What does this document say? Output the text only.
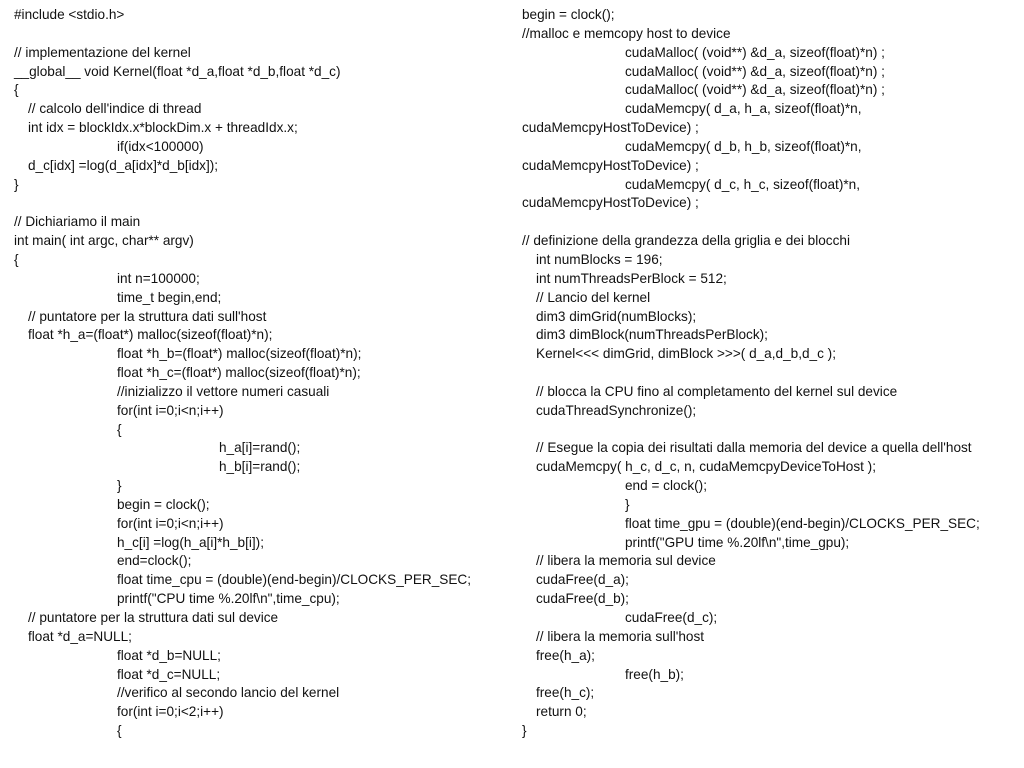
#include <stdio.h>
// implementazione del kernel
__global__ void Kernel(float *d_a,float *d_b,float *d_c)
{
// calcolo dell'indice di thread
int idx = blockIdx.x*blockDim.x + threadIdx.x;
if(idx<100000)
d_c[idx] =log(d_a[idx]*d_b[idx]);
}
// Dichiariamo il main
int main( int argc, char** argv)
{
int n=100000;
time_t begin,end;
// puntatore per la struttura dati sull'host
float *h_a=(float*) malloc(sizeof(float)*n);
float *h_b=(float*) malloc(sizeof(float)*n);
float *h_c=(float*) malloc(sizeof(float)*n);
//inizializzo il vettore numeri casuali
for(int i=0;i<n;i++)
{
h_a[i]=rand();
h_b[i]=rand();
}
begin = clock();
for(int i=0;i<n;i++)
h_c[i] =log(h_a[i]*h_b[i]);
end=clock();
float time_cpu = (double)(end-begin)/CLOCKS_PER_SEC;
printf("CPU time %.20lf\n",time_cpu);
// puntatore per la struttura dati sul device
float *d_a=NULL;
float *d_b=NULL;
float *d_c=NULL;
//verifico al secondo lancio del kernel
for(int i=0;i<2;i++)
{
begin = clock();
//malloc e memcopy host to device
cudaMalloc( (void**) &d_a, sizeof(float)*n) ;
cudaMalloc( (void**) &d_a, sizeof(float)*n) ;
cudaMalloc( (void**) &d_a, sizeof(float)*n) ;
cudaMemcpy( d_a, h_a, sizeof(float)*n,
cudaMemcpyHostToDevice) ;
cudaMemcpy( d_b, h_b, sizeof(float)*n,
cudaMemcpyHostToDevice) ;
cudaMemcpy( d_c, h_c, sizeof(float)*n,
cudaMemcpyHostToDevice) ;
// definizione della grandezza della griglia e dei blocchi
int numBlocks = 196;
int numThreadsPerBlock = 512;
// Lancio del kernel
dim3 dimGrid(numBlocks);
dim3 dimBlock(numThreadsPerBlock);
Kernel<<< dimGrid, dimBlock >>>( d_a,d_b,d_c );
// blocca la CPU fino al completamento del kernel sul device
cudaThreadSynchronize();
// Esegue la copia dei risultati dalla memoria del device a quella dell'host
cudaMemcpy( h_c, d_c, n, cudaMemcpyDeviceToHost );
end = clock();
}
float time_gpu = (double)(end-begin)/CLOCKS_PER_SEC;
printf("GPU time %.20lf\n",time_gpu);
// libera la memoria sul device
cudaFree(d_a);
cudaFree(d_b);
cudaFree(d_c);
// libera la memoria sull'host
free(h_a);
free(h_b);
free(h_c);
return 0;
}
